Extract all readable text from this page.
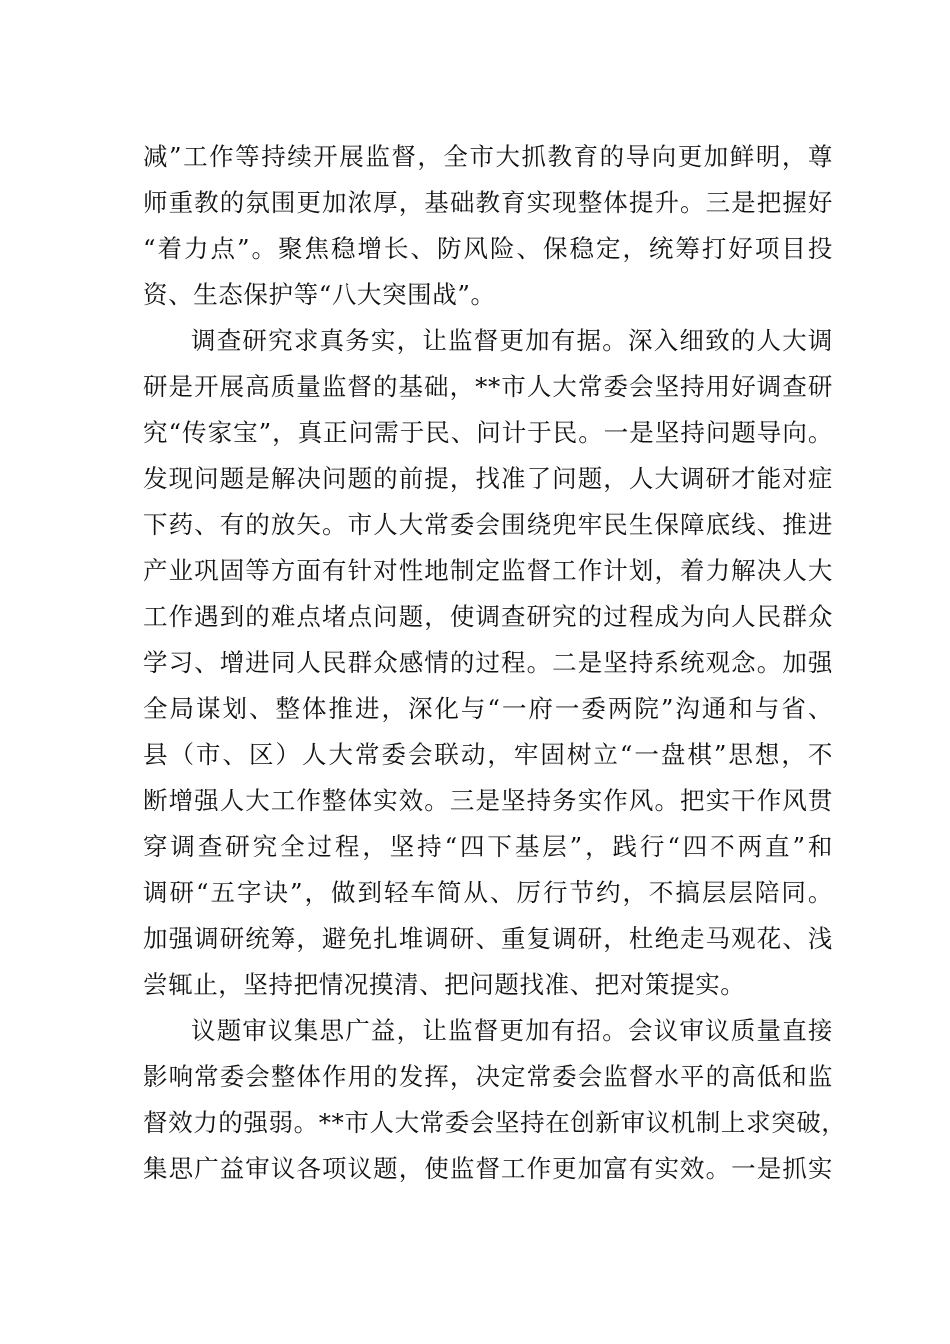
减”工作等持续开展监督，全市大抓教育的导向更加鲜明，尊
师重教的氛围更加浓厚，基础教育实现整体提升。三是把握好
“着力点”。聚焦稳增长、防风险、保稳定，统筹打好项目投
资、生态保护等“八大突围战”。
调查研究求真务实，让监督更加有据。深入细致的人大调
研是开展高质量监督的基础，**市人大常委会坚持用好调查研
究“传家宝”，真正问需于民、问计于民。一是坚持问题导向。
发现问题是解决问题的前提，找准了问题，人大调研才能对症
下药、有的放矢。市人大常委会围绕兜牢民生保障底线、推进
产业巩固等方面有针对性地制定监督工作计划，着力解决人大
工作遇到的难点堵点问题，使调查研究的过程成为向人民群众
学习、增进同人民群众感情的过程。二是坚持系统观念。加强
全局谋划、整体推进，深化与“一府一委两院”沟通和与省、
县（市、区）人大常委会联动，牢固树立“一盘棋”思想，不
断增强人大工作整体实效。三是坚持务实作风。把实干作风贯
穿调查研究全过程，坚持“四下基层”，践行“四不两直”和
调研“五字诀”，做到轻车简从、厉行节约，不搞层层陪同。
加强调研统筹，避免扎堆调研、重复调研，杜绝走马观花、浅
尝辄止，坚持把情况摸清、把问题找准、把对策提实。
议题审议集思广益，让监督更加有招。会议审议质量直接
影响常委会整体作用的发挥，决定常委会监督水平的高低和监
督效力的强弱。**市人大常委会坚持在创新审议机制上求突破，
集思广益审议各项议题，使监督工作更加富有实效。一是抓实
